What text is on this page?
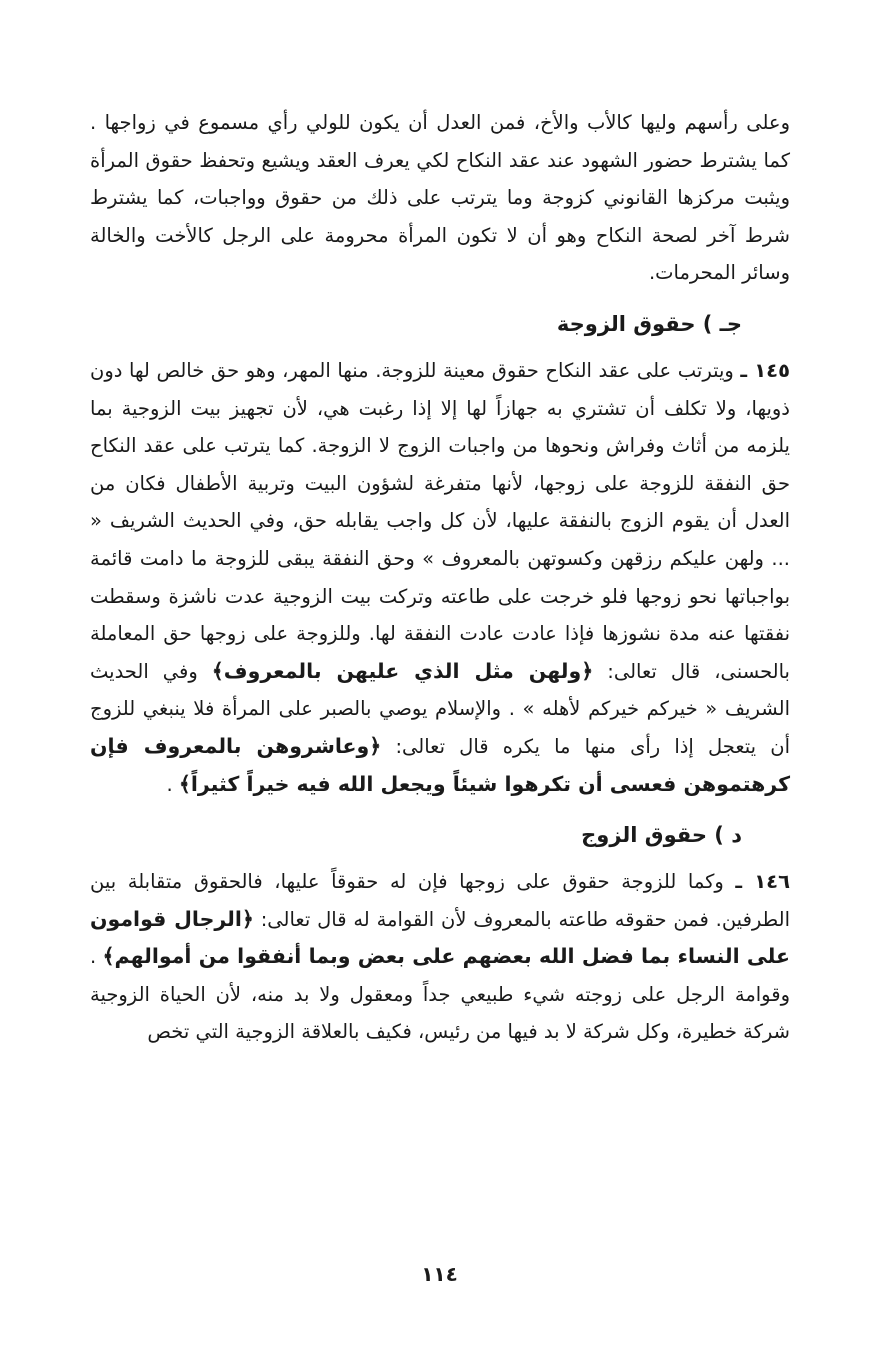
وعلى رأسهم وليها كالأب والأخ، فمن العدل أن يكون للولي رأي مسموع في زواجها . كما يشترط حضور الشهود عند عقد النكاح لكي يعرف العقد ويشيع وتحفظ حقوق المرأة ويثبت مركزها القانوني كزوجة وما يترتب على ذلك من حقوق وواجبات، كما يشترط شرط آخر لصحة النكاح وهو أن لا تكون المرأة محرومة على الرجل كالأخت والخالة وسائر المحرمات.

جـ ) حقوق الزوجة

١٤٥ ـ ويترتب على عقد النكاح حقوق معينة للزوجة. منها المهر، وهو حق خالص لها دون ذويها، ولا تكلف أن تشتري به جهازاً لها إلا إذا رغبت هي، لأن تجهيز بيت الزوجية بما يلزمه من أثاث وفراش ونحوها من واجبات الزوج لا الزوجة. كما يترتب على عقد النكاح حق النفقة للزوجة على زوجها، لأنها متفرغة لشؤون البيت وتربية الأطفال فكان من العدل أن يقوم الزوج بالنفقة عليها، لأن كل واجب يقابله حق، وفي الحديث الشريف « ... ولهن عليكم رزقهن وكسوتهن بالمعروف » وحق النفقة يبقى للزوجة ما دامت قائمة بواجباتها نحو زوجها فلو خرجت على طاعته وتركت بيت الزوجية عدت ناشزة وسقطت نفقتها عنه مدة نشوزها فإذا عادت عادت النفقة لها. وللزوجة على زوجها حق المعاملة بالحسنى، قال تعالى: ﴿ولهن مثل الذي عليهن بالمعروف﴾ وفي الحديث الشريف « خيركم خيركم لأهله » . والإسلام يوصي بالصبر على المرأة فلا ينبغي للزوج أن يتعجل إذا رأى منها ما يكره قال تعالى: ﴿وعاشروهن بالمعروف فإن كرهتموهن فعسى أن تكرهوا شيئاً ويجعل الله فيه خيراً كثيراً﴾ .

د ) حقوق الزوج

١٤٦ ـ وكما للزوجة حقوق على زوجها فإن له حقوقاً عليها، فالحقوق متقابلة بين الطرفين. فمن حقوقه طاعته بالمعروف لأن القوامة له قال تعالى: ﴿الرجال قوامون على النساء بما فضل الله بعضهم على بعض وبما أنفقوا من أموالهم﴾ . وقوامة الرجل على زوجته شيء طبيعي جداً ومعقول ولا بد منه، لأن الحياة الزوجية شركة خطيرة، وكل شركة لا بد فيها من رئيس، فكيف بالعلاقة الزوجية التي تخص

١١٤
